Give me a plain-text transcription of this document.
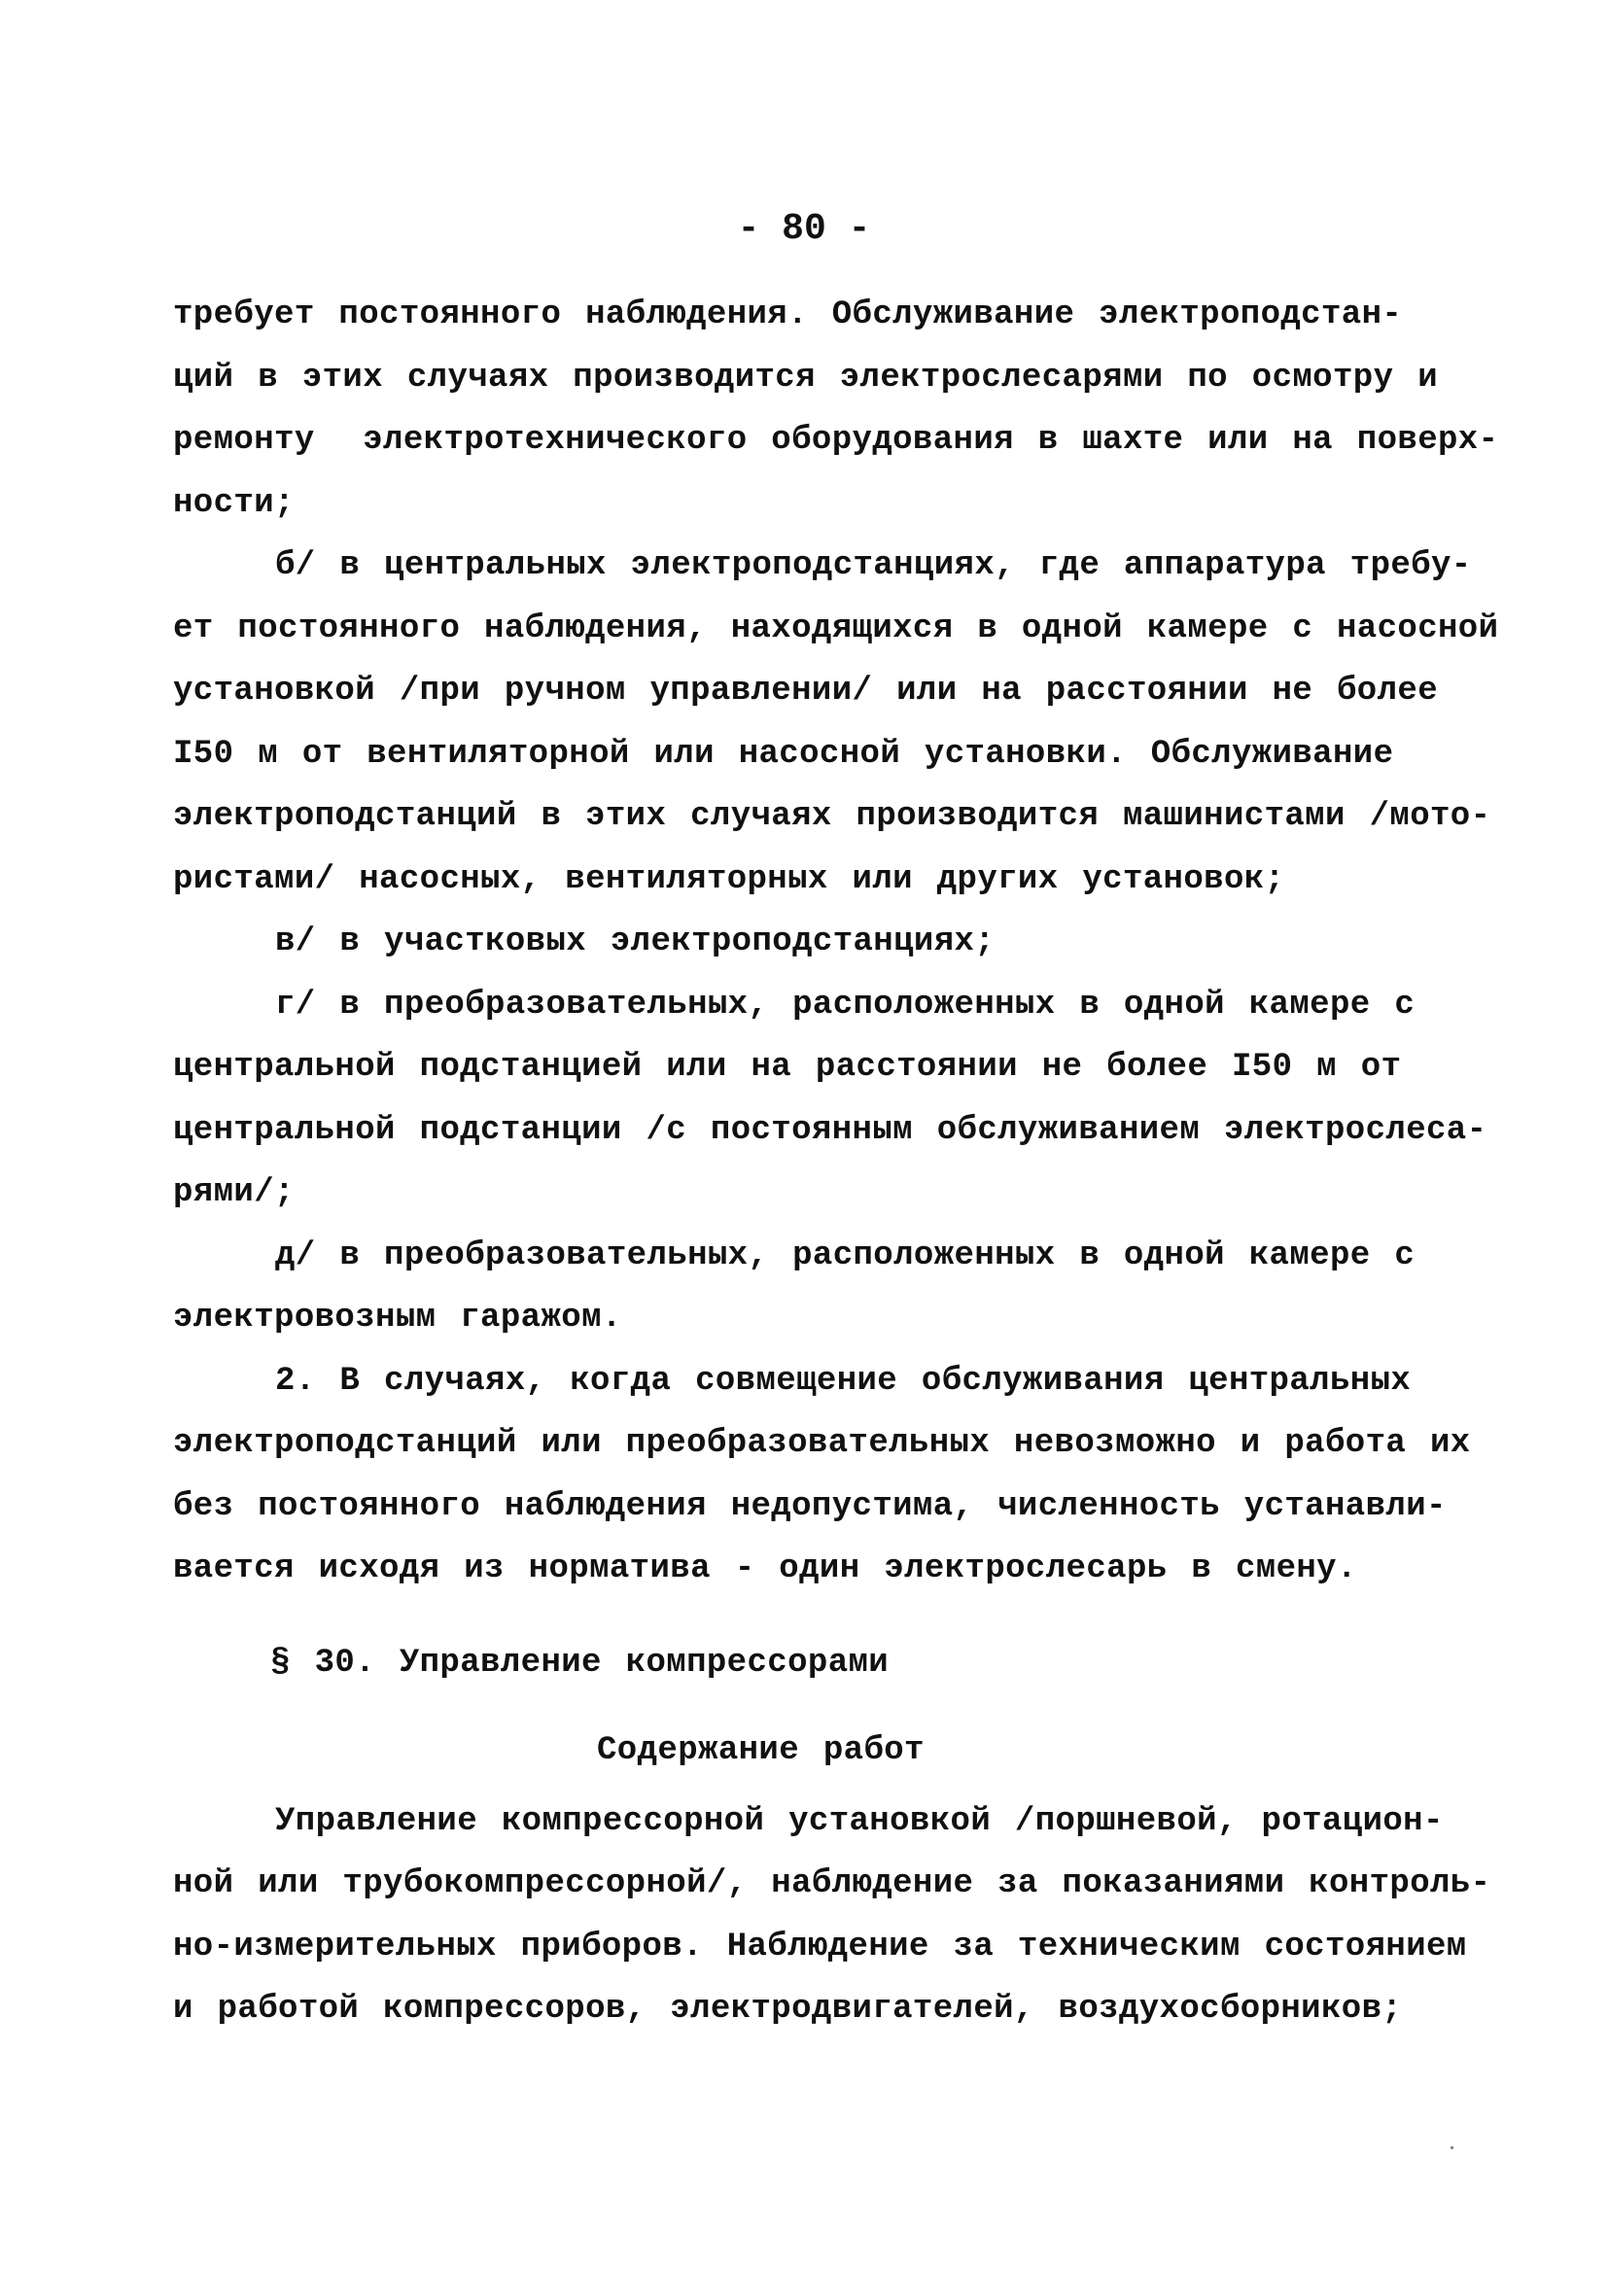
- 80 -
требует постоянного наблюдения. Обслуживание электроподстан-
ций в этих случаях производится электрослесарями по осмотру и
ремонту  электротехнического оборудования в шахте или на поверх-
ности;
б/ в центральных электроподстанциях, где аппаратура требу-
ет постоянного наблюдения, находящихся в одной камере с насосной
установкой /при ручном управлении/ или на расстоянии не более
I50 м от вентиляторной или насосной установки. Обслуживание
электроподстанций в этих случаях производится машинистами /мото-
ристами/ насосных, вентиляторных или других установок;
в/ в участковых электроподстанциях;
г/ в преобразовательных, расположенных в одной камере с
центральной подстанцией или на расстоянии не более I50 м от
центральной подстанции /с постоянным обслуживанием электрослеса-
рями/;
д/ в преобразовательных, расположенных в одной камере с
электровозным гаражом.
2. В случаях, когда совмещение обслуживания центральных
электроподстанций или преобразовательных невозможно и работа их
без постоянного наблюдения недопустима, численность устанавли-
вается исходя из норматива - один электрослесарь в смену.
§ 30. Управление компрессорами
Содержание работ
Управление компрессорной установкой /поршневой, ротацион-
ной или трубокомпрессорной/, наблюдение за показаниями контроль-
но-измерительных приборов. Наблюдение за техническим состоянием
и работой компрессоров, электродвигателей, воздухосборников;
